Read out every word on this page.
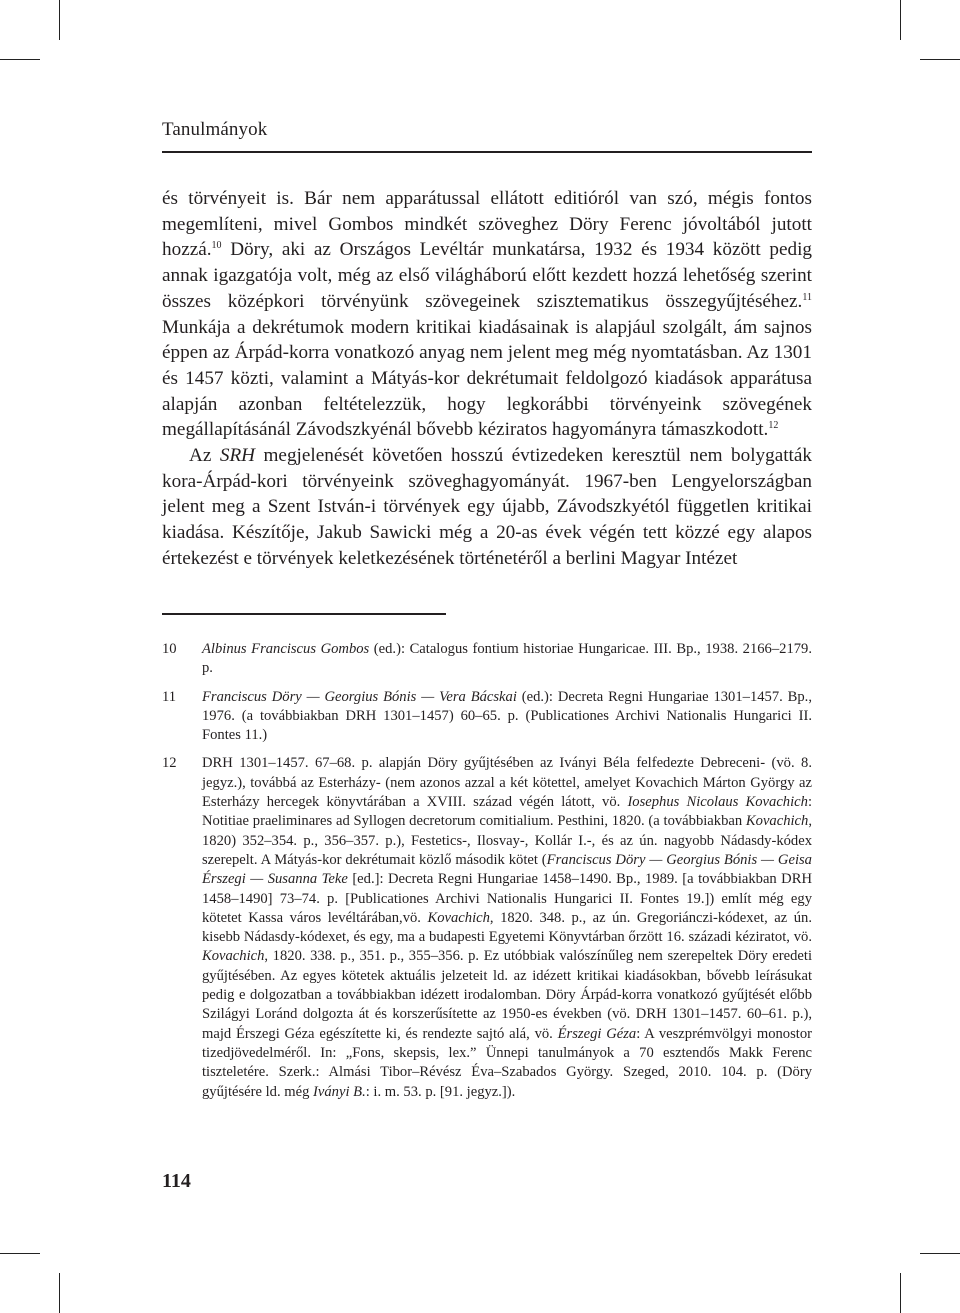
Tanulmányok

és törvényeit is. Bár nem apparátussal ellátott editióról van szó, mégis fontos megemlíteni, mivel Gombos mindkét szöveghez Döry Ferenc jóvoltából jutott hozzá.$^{10}$ Döry, aki az Országos Levéltár munkatársa, 1932 és 1934 között pedig annak igazgatója volt, még az első világháború előtt kezdett hozzá lehetőség szerint összes középkori törvényünk szövegeinek szisztematikus összegyűjtéséhez.$^{11}$ Munkája a dekrétumok modern kritikai kiadásainak is alapjául szolgált, ám sajnos éppen az Árpád-korra vonatkozó anyag nem jelent meg még nyomtatásban. Az 1301 és 1457 közti, valamint a Mátyás-kor dekrétumait feldolgozó kiadások apparátusa alapján azonban feltételezzük, hogy legkorábbi törvényeink szövegének megállapításánál Závodszkyénál bővebb kéziratos hagyományra támaszkodott.$^{12}$

Az SRH megjelenését követően hosszú évtizedeken keresztül nem bolygatták kora-Árpád-kori törvényeink szöveghagyományát. 1967-ben Lengyelországban jelent meg a Szent István-i törvények egy újabb, Závodszkyétól független kritikai kiadása. Készítője, Jakub Sawicki még a 20-as évek végén tett közzé egy alapos értekezést e törvények keletkezésének történetéről a berlini Magyar Intézet

10 Albinus Franciscus Gombos (ed.): Catalogus fontium historiae Hungaricae. III. Bp., 1938. 2166–2179. p.
11 Franciscus Döry — Georgius Bónis — Vera Bácskai (ed.): Decreta Regni Hungariae 1301–1457. Bp., 1976. (a továbbiakban DRH 1301–1457) 60–65. p. (Publicationes Archivi Nationalis Hungarici II. Fontes 11.)
12 DRH 1301–1457. 67–68. p. alapján Döry gyűjtésében az Iványi Béla felfedezte Debreceni- (vö. 8. jegyz.), továbbá az Esterházy- (nem azonos azzal a két kötettel, amelyet Kovachich Márton György az Esterházy hercegek könyvtárában a XVIII. század végén látott, vö. Iosephus Nicolaus Kovachich: Notitiae praeliminares ad Syllogen decretorum comitialium. Pesthini, 1820. (a továbbiakban Kovachich, 1820) 352–354. p., 356–357. p.), Festetics-, Ilosvay-, Kollár I.-, és az ún. nagyobb Nádasdy-kódex szerepelt. A Mátyás-kor dekrétumait közlő második kötet (Franciscus Döry — Georgius Bónis — Geisa Érszegi — Susanna Teke [ed.]: Decreta Regni Hungariae 1458–1490. Bp., 1989. [a továbbiakban DRH 1458–1490] 73–74. p. [Publicationes Archivi Nationalis Hungarici II. Fontes 19.]) említ még egy kötetet Kassa város levéltárában,vö. Kovachich, 1820. 348. p., az ún. Gregoriánczi-kódexet, az ún. kisebb Nádasdy-kódexet, és egy, ma a budapesti Egyetemi Könyvtárban őrzött 16. századi kéziratot, vö. Kovachich, 1820. 338. p., 351. p., 355–356. p. Ez utóbbiak valószínűleg nem szerepeltek Döry eredeti gyűjtésében. Az egyes kötetek aktuális jelzeteit ld. az idézett kritikai kiadásokban, bővebb leírásukat pedig e dolgozatban a továbbiakban idézett irodalomban. Döry Árpád-korra vonatkozó gyűjtését előbb Szilágyi Loránd dolgozta át és korszerűsítette az 1950-es években (vö. DRH 1301–1457. 60–61. p.), majd Érszegi Géza egészítette ki, és rendezte sajtó alá, vö. Érszegi Géza: A veszprémvölgyi monostor tizedjövedelméről. In: „Fons, skepsis, lex.” Ünnepi tanulmányok a 70 esztendős Makk Ferenc tiszteletére. Szerk.: Almási Tibor–Révész Éva–Szabados György. Szeged, 2010. 104. p. (Döry gyűjtésére ld. még Iványi B.: i. m. 53. p. [91. jegyz.]).
114
